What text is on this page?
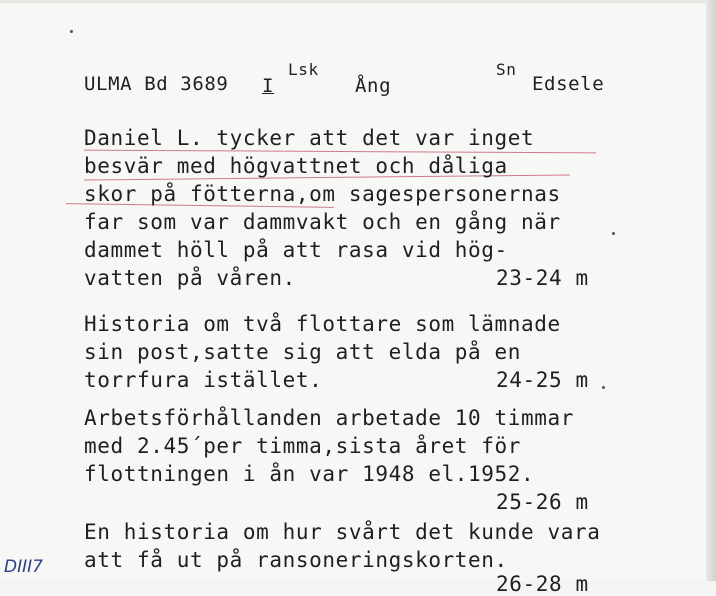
ULMA Bd 3689 I
Lsk
Ång
Sn
Edsele
Daniel L. tycker att det var inget
besvär med högvattnet och dåliga
skor på fötterna,om sagespersonernas
far som var dammvakt och en gång när
dammet höll på att rasa vid hög-
vatten på våren.	23-24 m
Historia om två flottare som lämnade
sin post,satte sig att elda på en
torrfura istället.	24-25 m
Arbetsförhållanden arbetade 10 timmar
med 2.45´per timma,sista året för
flottningen i ån var 1948 el.1952.
25-26 m
En historia om hur svårt det kunde vara
att få ut på ransoneringskorten.
26-28 m
DIII7
